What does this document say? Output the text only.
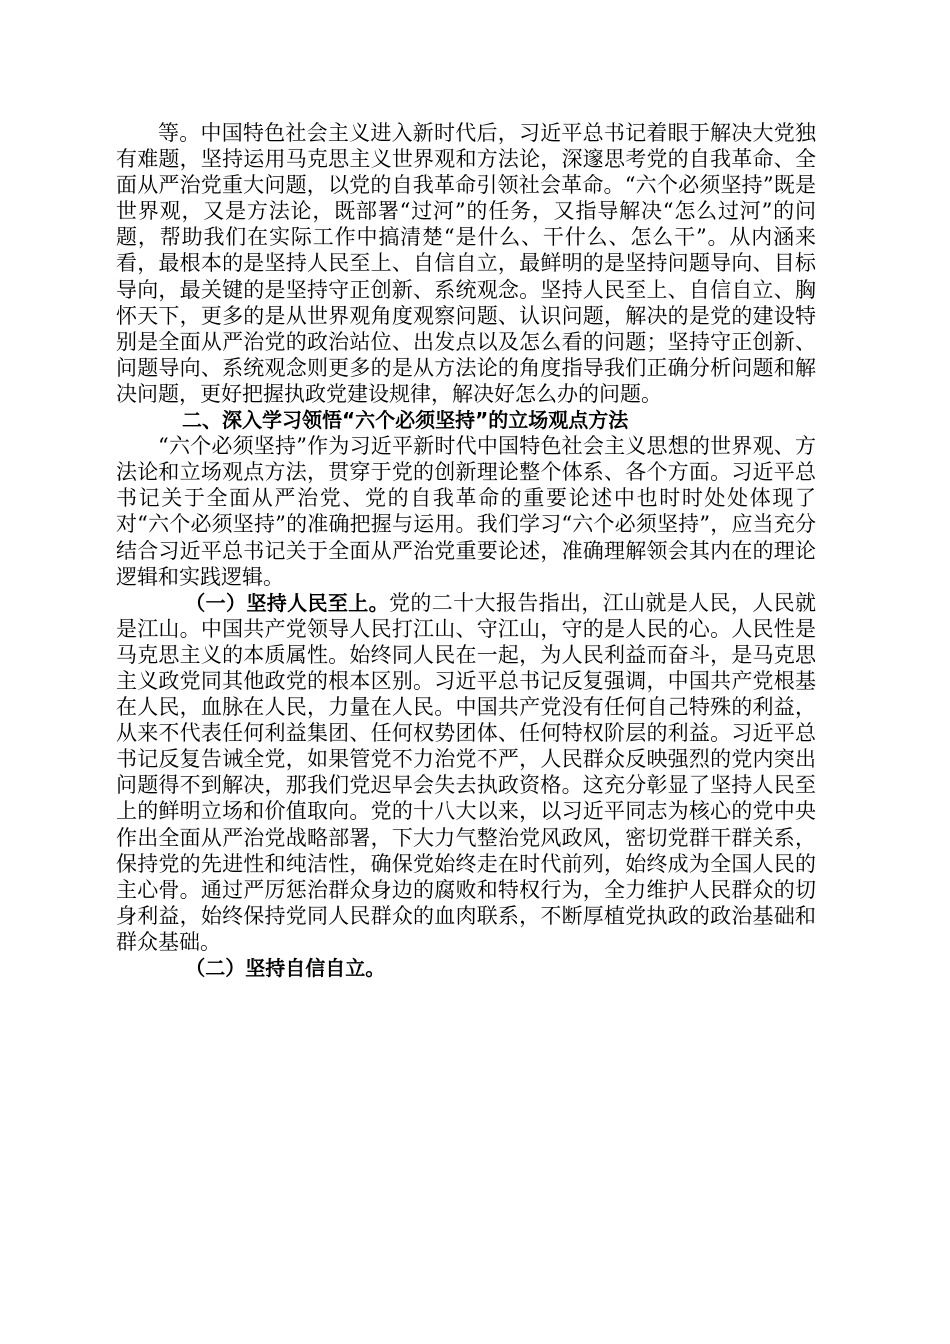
等。中国特色社会主义进入新时代后，习近平总书记着眼于解决大党独有难题，坚持运用马克思主义世界观和方法论，深邃思考党的自我革命、全面从严治党重大问题，以党的自我革命引领社会革命。“六个必须坚持”既是世界观，又是方法论，既部署“过河”的任务，又指导解决“怎么过河”的问题，帮助我们在实际工作中搞清楚“是什么、干什么、怎么干”。从内涵来看，最根本的是坚持人民至上、自信自立，最鲜明的是坚持问题导向、目标导向，最关键的是坚持守正创新、系统观念。坚持人民至上、自信自立、胸怀天下，更多的是从世界观角度观察问题、认识问题，解决的是党的建设特别是全面从严治党的政治站位、出发点以及怎么看的问题；坚持守正创新、问题导向、系统观念则更多的是从方法论的角度指导我们正确分析问题和解决问题，更好把握执政党建设规律，解决好怎么办的问题。

二、深入学习领悟“六个必须坚持”的立场观点方法

“六个必须坚持”作为习近平新时代中国特色社会主义思想的世界观、方法论和立场观点方法，贯穿于党的创新理论整个体系、各个方面。习近平总书记关于全面从严治党、党的自我革命的重要论述中也时时处处体现了对“六个必须坚持”的准确把握与运用。我们学习“六个必须坚持”，应当充分结合习近平总书记关于全面从严治党重要论述，准确理解领会其内在的理论逻辑和实践逻辑。

（一）坚持人民至上。党的二十大报告指出，江山就是人民，人民就是江山。中国共产党领导人民打江山、守江山，守的是人民的心。人民性是马克思主义的本质属性。始终同人民在一起，为人民利益而奋斗，是马克思主义政党同其他政党的根本区别。习近平总书记反复强调，中国共产党根基在人民，血脉在人民，力量在人民。中国共产党没有任何自己特殊的利益，从来不代表任何利益集团、任何权势团体、任何特权阶层的利益。习近平总书记反复告诫全党，如果管党不力治党不严，人民群众反映强烈的党内突出问题得不到解决，那我们党迟早会失去执政资格。这充分彰显了坚持人民至上的鲜明立场和价值取向。党的十八大以来，以习近平同志为核心的党中央作出全面从严治党战略部署，下大力气整治党风政风，密切党群干群关系，保持党的先进性和纯洁性，确保党始终走在时代前列，始终成为全国人民的主心骨。通过严厉惩治群众身边的腐败和特权行为，全力维护人民群众的切身利益，始终保持党同人民群众的血肉联系，不断厚植党执政的政治基础和群众基础。

（二）坚持自信自立。
